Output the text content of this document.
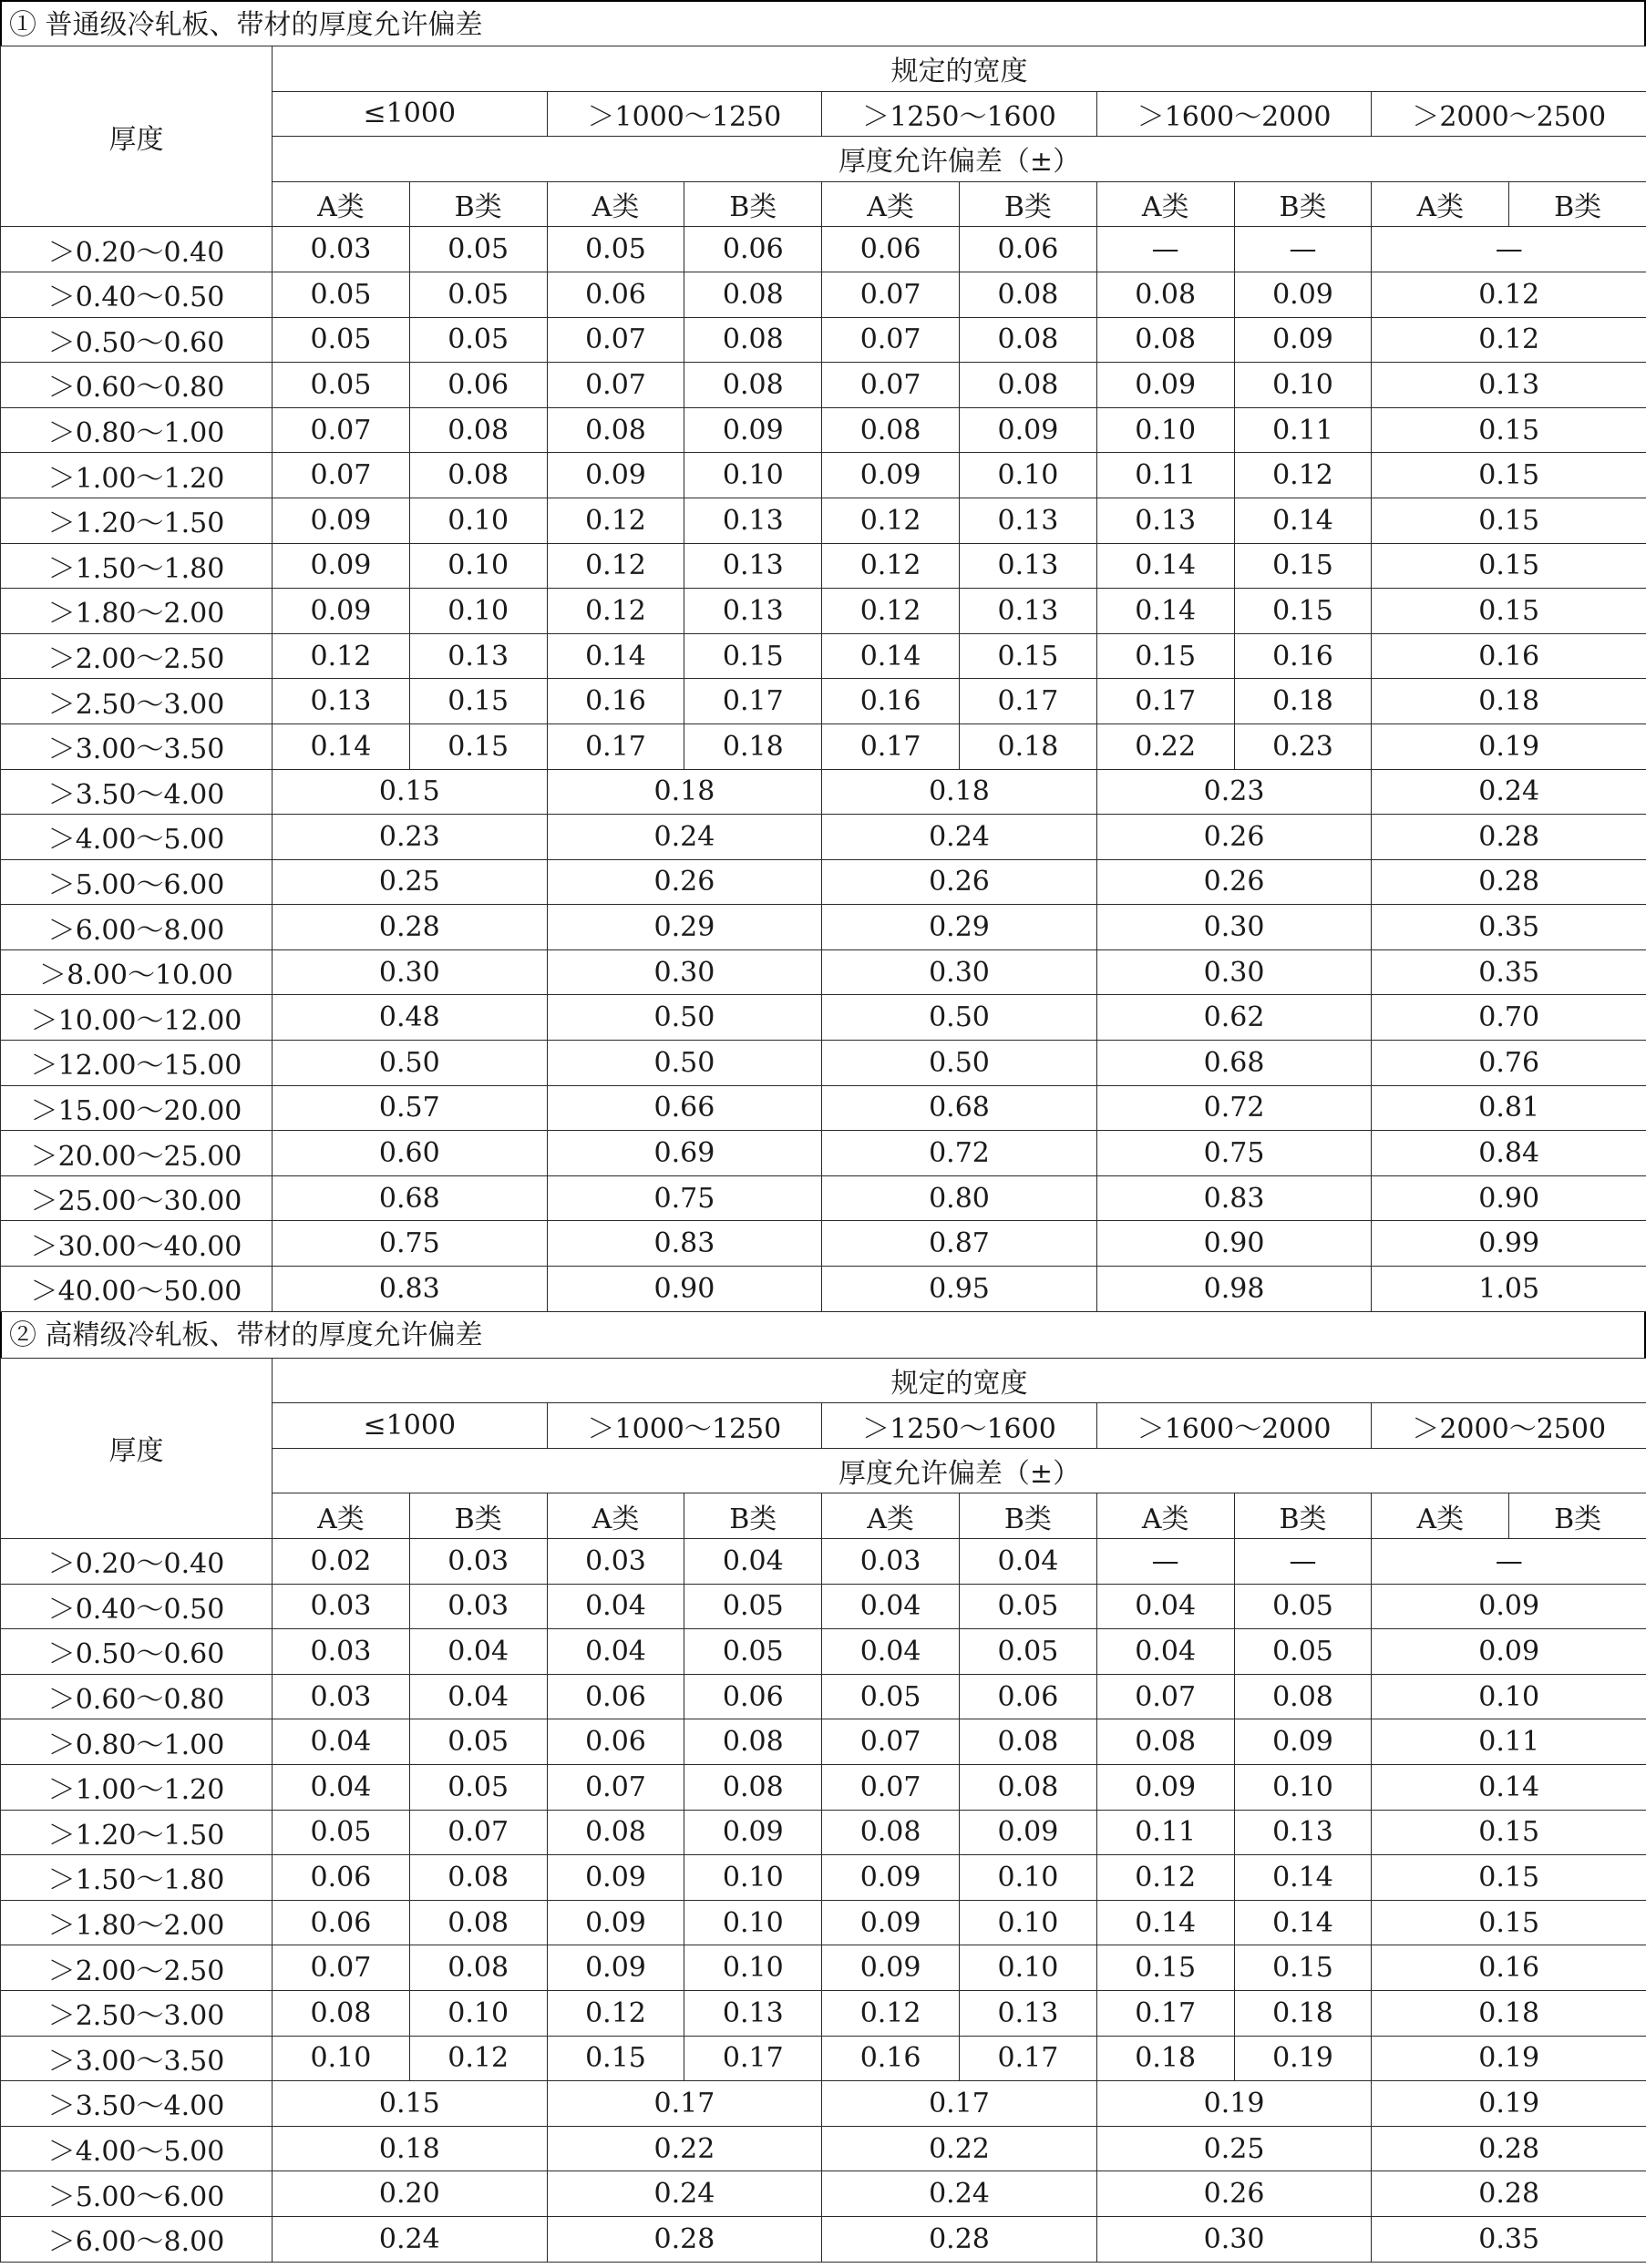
① 普通级冷轧板、带材的厚度允许偏差
厚度	规定的宽度									
	≤1000		＞1000～1250		＞1250～1600		＞1600～2000		＞2000～2500	
	厚度允许偏差（±）									
	A类	B类	A类	B类	A类	B类	A类	B类	A类	B类
＞0.20～0.40	0.03	0.05	0.05	0.06	0.06	0.06	—	—	—	
＞0.40～0.50	0.05	0.05	0.06	0.08	0.07	0.08	0.08	0.09	0.12	
＞0.50～0.60	0.05	0.05	0.07	0.08	0.07	0.08	0.08	0.09	0.12	
＞0.60～0.80	0.05	0.06	0.07	0.08	0.07	0.08	0.09	0.10	0.13	
＞0.80～1.00	0.07	0.08	0.08	0.09	0.08	0.09	0.10	0.11	0.15	
＞1.00～1.20	0.07	0.08	0.09	0.10	0.09	0.10	0.11	0.12	0.15	
＞1.20～1.50	0.09	0.10	0.12	0.13	0.12	0.13	0.13	0.14	0.15	
＞1.50～1.80	0.09	0.10	0.12	0.13	0.12	0.13	0.14	0.15	0.15	
＞1.80～2.00	0.09	0.10	0.12	0.13	0.12	0.13	0.14	0.15	0.15	
＞2.00～2.50	0.12	0.13	0.14	0.15	0.14	0.15	0.15	0.16	0.16	
＞2.50～3.00	0.13	0.15	0.16	0.17	0.16	0.17	0.17	0.18	0.18	
＞3.00～3.50	0.14	0.15	0.17	0.18	0.17	0.18	0.22	0.23	0.19	
＞3.50～4.00	0.15		0.18		0.18		0.23		0.24	
＞4.00～5.00	0.23		0.24		0.24		0.26		0.28	
＞5.00～6.00	0.25		0.26		0.26		0.26		0.28	
＞6.00～8.00	0.28		0.29		0.29		0.30		0.35	
＞8.00～10.00	0.30		0.30		0.30		0.30		0.35	
＞10.00～12.00	0.48		0.50		0.50		0.62		0.70	
＞12.00～15.00	0.50		0.50		0.50		0.68		0.76	
＞15.00～20.00	0.57		0.66		0.68		0.72		0.81	
＞20.00～25.00	0.60		0.69		0.72		0.75		0.84	
＞25.00～30.00	0.68		0.75		0.80		0.83		0.90	
＞30.00～40.00	0.75		0.83		0.87		0.90		0.99	
＞40.00～50.00	0.83		0.90		0.95		0.98		1.05	
② 高精级冷轧板、带材的厚度允许偏差
厚度	规定的宽度									
	≤1000		＞1000～1250		＞1250～1600		＞1600～2000		＞2000～2500	
	厚度允许偏差（±）									
	A类	B类	A类	B类	A类	B类	A类	B类	A类	B类
＞0.20～0.40	0.02	0.03	0.03	0.04	0.03	0.04	—	—	—	
＞0.40～0.50	0.03	0.03	0.04	0.05	0.04	0.05	0.04	0.05	0.09	
＞0.50～0.60	0.03	0.04	0.04	0.05	0.04	0.05	0.04	0.05	0.09	
＞0.60～0.80	0.03	0.04	0.06	0.06	0.05	0.06	0.07	0.08	0.10	
＞0.80～1.00	0.04	0.05	0.06	0.08	0.07	0.08	0.08	0.09	0.11	
＞1.00～1.20	0.04	0.05	0.07	0.08	0.07	0.08	0.09	0.10	0.14	
＞1.20～1.50	0.05	0.07	0.08	0.09	0.08	0.09	0.11	0.13	0.15	
＞1.50～1.80	0.06	0.08	0.09	0.10	0.09	0.10	0.12	0.14	0.15	
＞1.80～2.00	0.06	0.08	0.09	0.10	0.09	0.10	0.14	0.14	0.15	
＞2.00～2.50	0.07	0.08	0.09	0.10	0.09	0.10	0.15	0.15	0.16	
＞2.50～3.00	0.08	0.10	0.12	0.13	0.12	0.13	0.17	0.18	0.18	
＞3.00～3.50	0.10	0.12	0.15	0.17	0.16	0.17	0.18	0.19	0.19	
＞3.50～4.00	0.15		0.17		0.17		0.19		0.19	
＞4.00～5.00	0.18		0.22		0.22		0.25		0.28	
＞5.00～6.00	0.20		0.24		0.24		0.26		0.28	
＞6.00～8.00	0.24		0.28		0.28		0.30		0.35	
